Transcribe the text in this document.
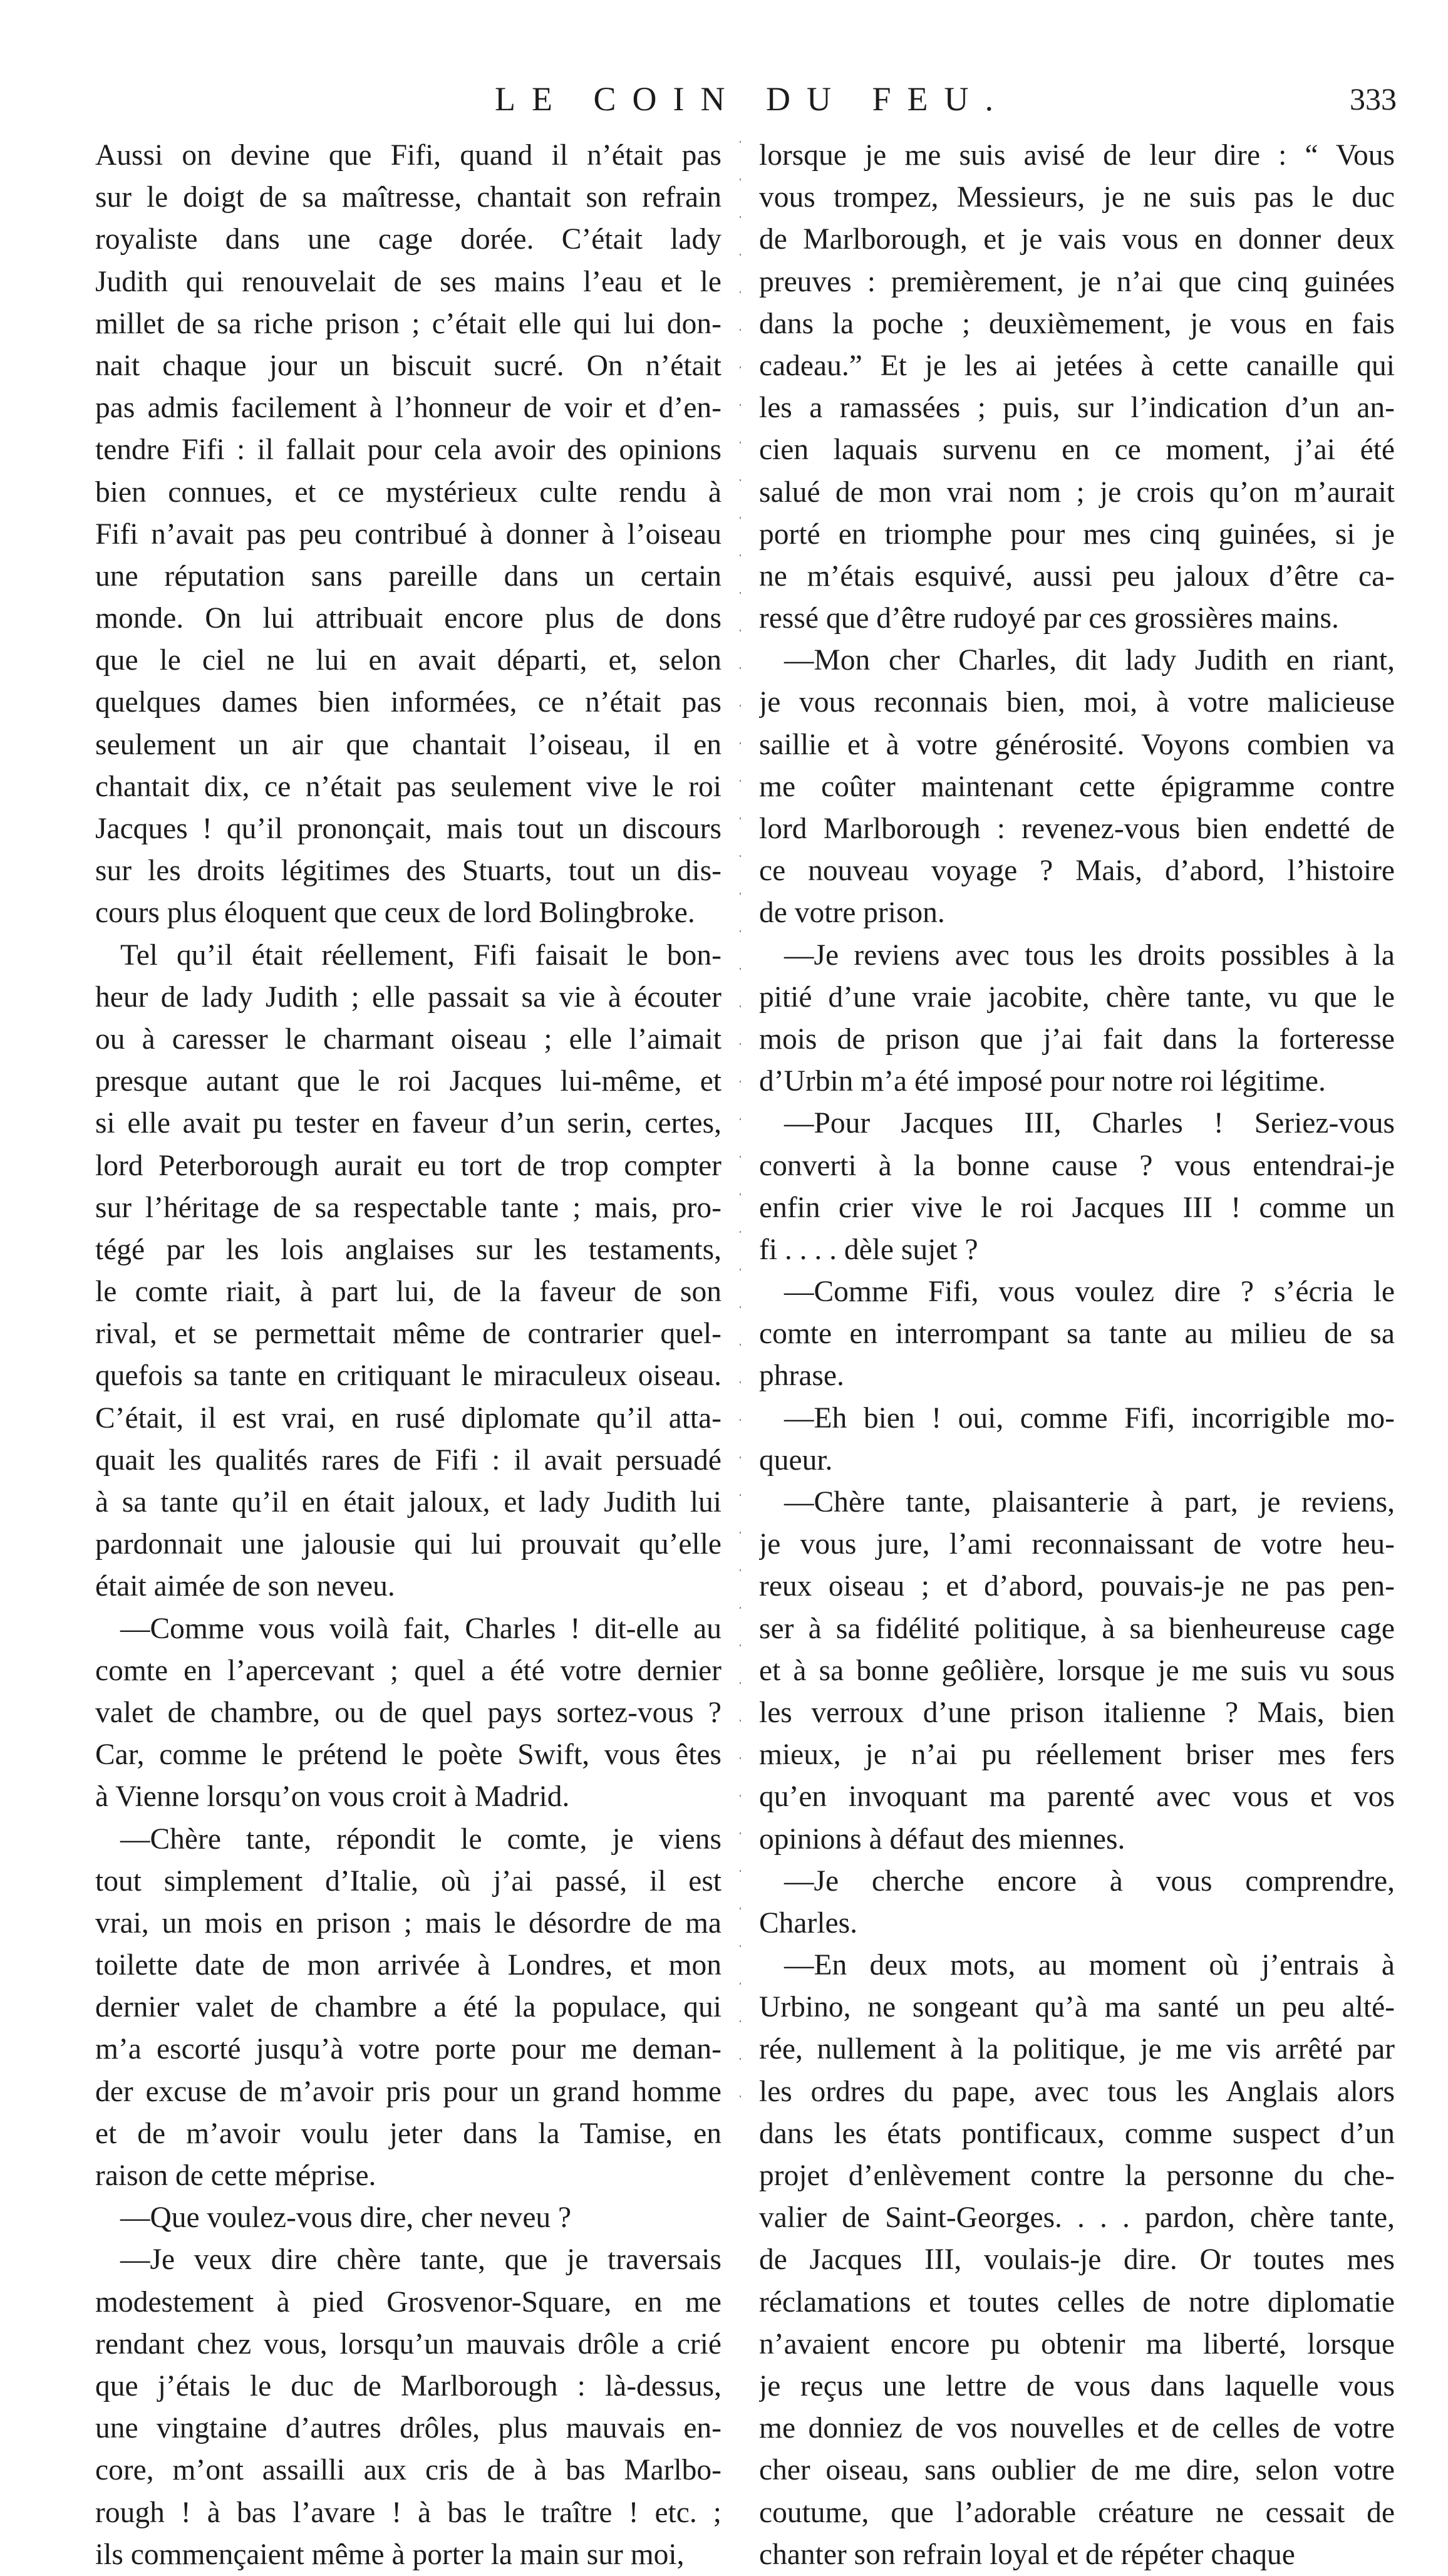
LE COIN DU FEU.	333
Aussi on devine que Fifi, quand il n’était pas
sur le doigt de sa maîtresse, chantait son refrain
royaliste dans une cage dorée. C’était lady
Judith qui renouvelait de ses mains l’eau et le
millet de sa riche prison ; c’était elle qui lui don-
nait chaque jour un biscuit sucré. On n’était
pas admis facilement à l’honneur de voir et d’en-
tendre Fifi : il fallait pour cela avoir des opinions
bien connues, et ce mystérieux culte rendu à
Fifi n’avait pas peu contribué à donner à l’oiseau
une réputation sans pareille dans un certain
monde. On lui attribuait encore plus de dons
que le ciel ne lui en avait départi, et, selon
quelques dames bien informées, ce n’était pas
seulement un air que chantait l’oiseau, il en
chantait dix, ce n’était pas seulement vive le roi
Jacques ! qu’il prononçait, mais tout un discours
sur les droits légitimes des Stuarts, tout un dis-
cours plus éloquent que ceux de lord Bolingbroke.
Tel qu’il était réellement, Fifi faisait le bon-
heur de lady Judith ; elle passait sa vie à écouter
ou à caresser le charmant oiseau ; elle l’aimait
presque autant que le roi Jacques lui-même, et
si elle avait pu tester en faveur d’un serin, certes,
lord Peterborough aurait eu tort de trop compter
sur l’héritage de sa respectable tante ; mais, pro-
tégé par les lois anglaises sur les testaments,
le comte riait, à part lui, de la faveur de son
rival, et se permettait même de contrarier quel-
quefois sa tante en critiquant le miraculeux oiseau.
C’était, il est vrai, en rusé diplomate qu’il atta-
quait les qualités rares de Fifi : il avait persuadé
à sa tante qu’il en était jaloux, et lady Judith lui
pardonnait une jalousie qui lui prouvait qu’elle
était aimée de son neveu.
—Comme vous voilà fait, Charles ! dit-elle au
comte en l’apercevant ; quel a été votre dernier
valet de chambre, ou de quel pays sortez-vous ?
Car, comme le prétend le poète Swift, vous êtes
à Vienne lorsqu’on vous croit à Madrid.
—Chère tante, répondit le comte, je viens
tout simplement d’Italie, où j’ai passé, il est
vrai, un mois en prison ; mais le désordre de ma
toilette date de mon arrivée à Londres, et mon
dernier valet de chambre a été la populace, qui
m’a escorté jusqu’à votre porte pour me deman-
der excuse de m’avoir pris pour un grand homme
et de m’avoir voulu jeter dans la Tamise, en
raison de cette méprise.
—Que voulez-vous dire, cher neveu ?
—Je veux dire chère tante, que je traversais
modestement à pied Grosvenor-Square, en me
rendant chez vous, lorsqu’un mauvais drôle a crié
que j’étais le duc de Marlborough : là-dessus,
une vingtaine d’autres drôles, plus mauvais en-
core, m’ont assailli aux cris de à bas Marlbo-
rough ! à bas l’avare ! à bas le traître ! etc. ;
ils commençaient même à porter la main sur moi,
lorsque je me suis avisé de leur dire : “ Vous
vous trompez, Messieurs, je ne suis pas le duc
de Marlborough, et je vais vous en donner deux
preuves : premièrement, je n’ai que cinq guinées
dans la poche ; deuxièmement, je vous en fais
cadeau.” Et je les ai jetées à cette canaille qui
les a ramassées ; puis, sur l’indication d’un an-
cien laquais survenu en ce moment, j’ai été
salué de mon vrai nom ; je crois qu’on m’aurait
porté en triomphe pour mes cinq guinées, si je
ne m’étais esquivé, aussi peu jaloux d’être ca-
ressé que d’être rudoyé par ces grossières mains.
—Mon cher Charles, dit lady Judith en riant,
je vous reconnais bien, moi, à votre malicieuse
saillie et à votre générosité. Voyons combien va
me coûter maintenant cette épigramme contre
lord Marlborough : revenez-vous bien endetté de
ce nouveau voyage ? Mais, d’abord, l’histoire
de votre prison.
—Je reviens avec tous les droits possibles à la
pitié d’une vraie jacobite, chère tante, vu que le
mois de prison que j’ai fait dans la forteresse
d’Urbin m’a été imposé pour notre roi légitime.
—Pour Jacques III, Charles ! Seriez-vous
converti à la bonne cause ? vous entendrai-je
enfin crier vive le roi Jacques III ! comme un
fi . . . . dèle sujet ?
—Comme Fifi, vous voulez dire ? s’écria le
comte en interrompant sa tante au milieu de sa
phrase.
—Eh bien ! oui, comme Fifi, incorrigible mo-
queur.
—Chère tante, plaisanterie à part, je reviens,
je vous jure, l’ami reconnaissant de votre heu-
reux oiseau ; et d’abord, pouvais-je ne pas pen-
ser à sa fidélité politique, à sa bienheureuse cage
et à sa bonne geôlière, lorsque je me suis vu sous
les verroux d’une prison italienne ? Mais, bien
mieux, je n’ai pu réellement briser mes fers
qu’en invoquant ma parenté avec vous et vos
opinions à défaut des miennes.
—Je cherche encore à vous comprendre,
Charles.
—En deux mots, au moment où j’entrais à
Urbino, ne songeant qu’à ma santé un peu alté-
rée, nullement à la politique, je me vis arrêté par
les ordres du pape, avec tous les Anglais alors
dans les états pontificaux, comme suspect d’un
projet d’enlèvement contre la personne du che-
valier de Saint-Georges. . . . pardon, chère tante,
de Jacques III, voulais-je dire. Or toutes mes
réclamations et toutes celles de notre diplomatie
n’avaient encore pu obtenir ma liberté, lorsque
je reçus une lettre de vous dans laquelle vous
me donniez de vos nouvelles et de celles de votre
cher oiseau, sans oublier de me dire, selon votre
coutume, que l’adorable créature ne cessait de
chanter son refrain loyal et de répéter chaque
